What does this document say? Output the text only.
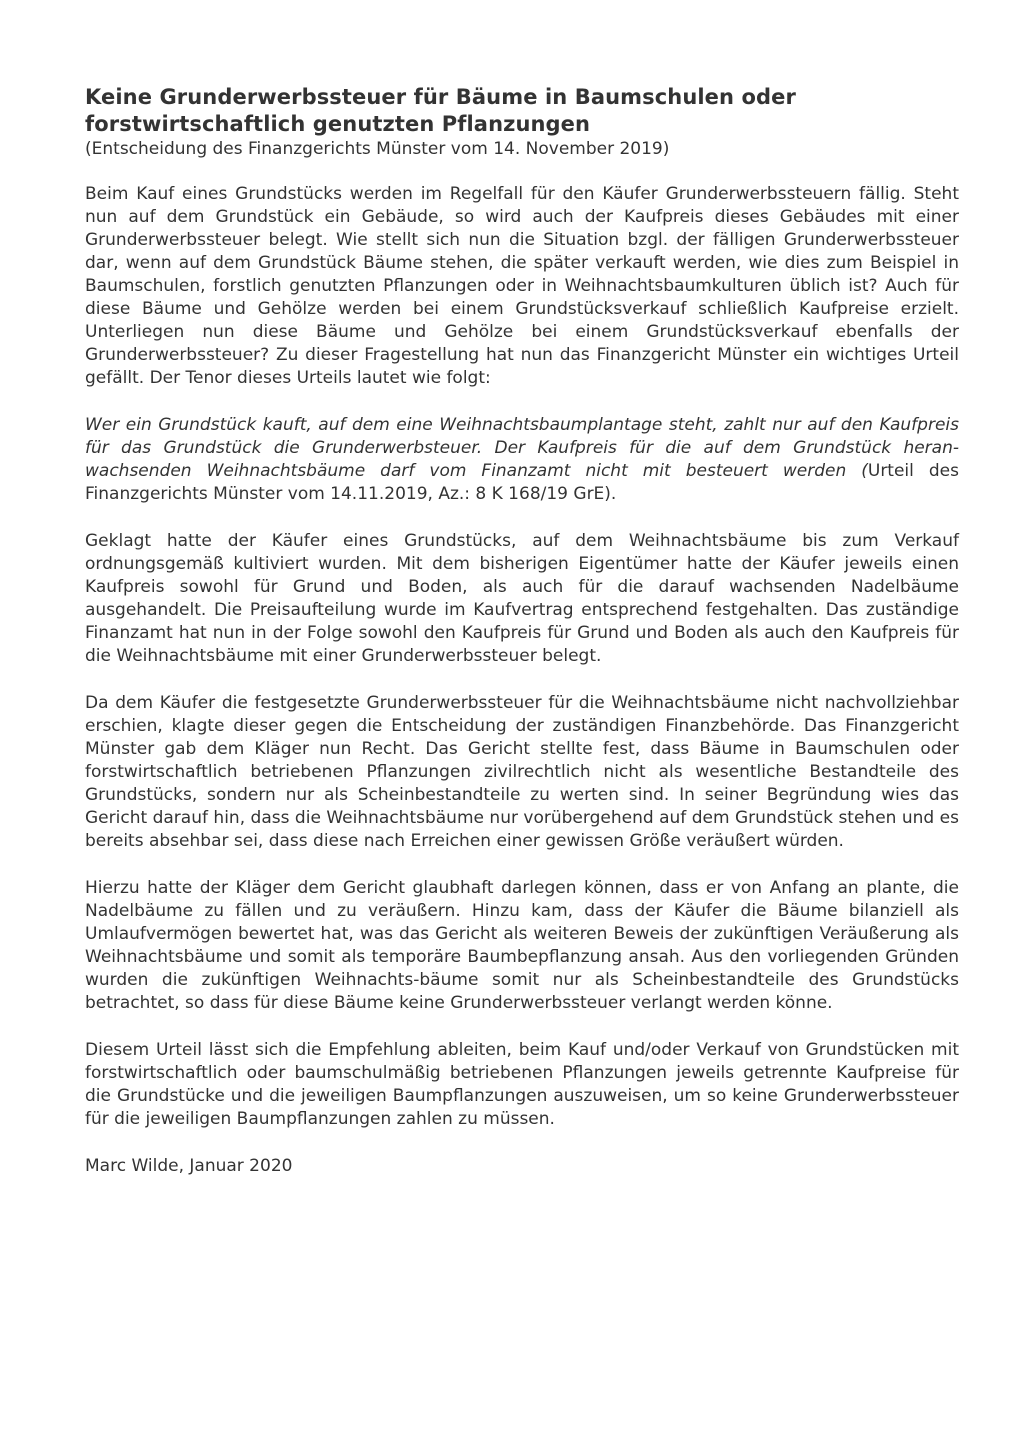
Keine Grunderwerbssteuer für Bäume in Baumschulen oder forstwirtschaftlich genutzten Pflanzungen

(Entscheidung des Finanzgerichts Münster vom 14. November 2019)

Beim Kauf eines Grundstücks werden im Regelfall für den Käufer Grunderwerbssteuern fällig. Steht nun auf dem Grundstück ein Gebäude, so wird auch der Kaufpreis dieses Gebäudes mit einer Grunderwerbssteuer belegt. Wie stellt sich nun die Situation bzgl. der fälligen Grunderwerbssteuer dar, wenn auf dem Grundstück Bäume stehen, die später verkauft werden, wie dies zum Beispiel in Baumschulen, forstlich genutzten Pflanzungen oder in Weihnachtsbaumkulturen üblich ist? Auch für diese Bäume und Gehölze werden bei einem Grundstücksverkauf schließlich Kaufpreise erzielt. Unterliegen nun diese Bäume und Gehölze bei einem Grundstücksverkauf ebenfalls der Grunderwerbssteuer? Zu dieser Fragestellung hat nun das Finanzgericht Münster ein wichtiges Urteil gefällt. Der Tenor dieses Urteils lautet wie folgt:

Wer ein Grundstück kauft, auf dem eine Weihnachtsbaumplantage steht, zahlt nur auf den Kaufpreis für das Grundstück die Grunderwerbsteuer. Der Kaufpreis für die auf dem Grundstück heran-wachsenden Weihnachtsbäume darf vom Finanzamt nicht mit besteuert werden (Urteil des Finanzgerichts Münster vom 14.11.2019, Az.: 8 K 168/19 GrE).

Geklagt hatte der Käufer eines Grundstücks, auf dem Weihnachtsbäume bis zum Verkauf ordnungsgemäß kultiviert wurden. Mit dem bisherigen Eigentümer hatte der Käufer jeweils einen Kaufpreis sowohl für Grund und Boden, als auch für die darauf wachsenden Nadelbäume ausgehandelt. Die Preisaufteilung wurde im Kaufvertrag entsprechend festgehalten. Das zuständige Finanzamt hat nun in der Folge sowohl den Kaufpreis für Grund und Boden als auch den Kaufpreis für die Weihnachtsbäume mit einer Grunderwerbssteuer belegt.

Da dem Käufer die festgesetzte Grunderwerbssteuer für die Weihnachtsbäume nicht nachvollziehbar erschien, klagte dieser gegen die Entscheidung der zuständigen Finanzbehörde. Das Finanzgericht Münster gab dem Kläger nun Recht. Das Gericht stellte fest, dass Bäume in Baumschulen oder forstwirtschaftlich betriebenen Pflanzungen zivilrechtlich nicht als wesentliche Bestandteile des Grundstücks, sondern nur als Scheinbestandteile zu werten sind. In seiner Begründung wies das Gericht darauf hin, dass die Weihnachtsbäume nur vorübergehend auf dem Grundstück stehen und es bereits absehbar sei, dass diese nach Erreichen einer gewissen Größe veräußert würden.

Hierzu hatte der Kläger dem Gericht glaubhaft darlegen können, dass er von Anfang an plante, die Nadelbäume zu fällen und zu veräußern. Hinzu kam, dass der Käufer die Bäume bilanziell als Umlaufvermögen bewertet hat, was das Gericht als weiteren Beweis der zukünftigen Veräußerung als Weihnachtsbäume und somit als temporäre Baumbepflanzung ansah. Aus den vorliegenden Gründen wurden die zukünftigen Weihnachts-bäume somit nur als Scheinbestandteile des Grundstücks betrachtet, so dass für diese Bäume keine Grunderwerbssteuer verlangt werden könne.

Diesem Urteil lässt sich die Empfehlung ableiten, beim Kauf und/oder Verkauf von Grundstücken mit forstwirtschaftlich oder baumschulmäßig betriebenen Pflanzungen jeweils getrennte Kaufpreise für die Grundstücke und die jeweiligen Baumpflanzungen auszuweisen, um so keine Grunderwerbssteuer für die jeweiligen Baumpflanzungen zahlen zu müssen.

Marc Wilde, Januar 2020
